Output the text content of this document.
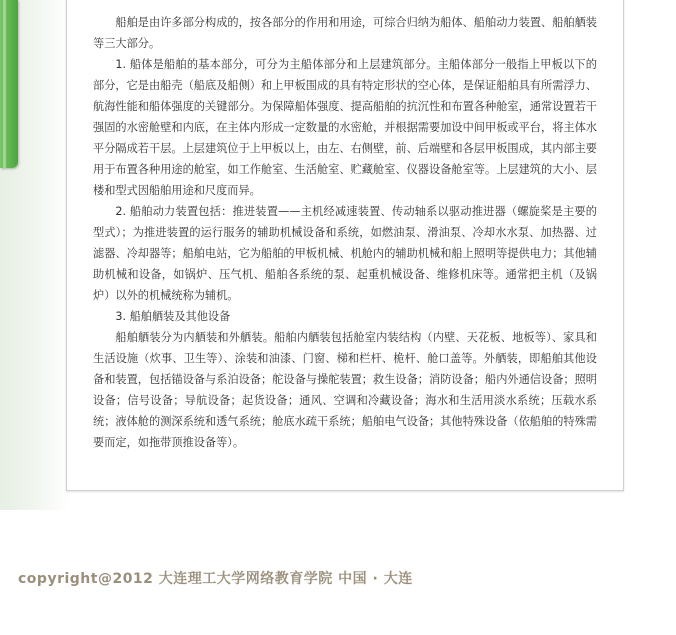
船舶是由许多部分构成的，按各部分的作用和用途，可综合归纳为船体、船舶动力装置、船舶舾装等三大部分。

1. 船体是船舶的基本部分，可分为主船体部分和上层建筑部分。主船体部分一般指上甲板以下的部分，它是由船壳（船底及船侧）和上甲板围成的具有特定形状的空心体，是保证船舶具有所需浮力、航海性能和船体强度的关键部分。为保障船体强度、提高船舶的抗沉性和布置各种舱室，通常设置若干强固的水密舱壁和内底，在主体内形成一定数量的水密舱，并根据需要加设中间甲板或平台，将主体水平分隔成若干层。上层建筑位于上甲板以上，由左、右侧壁，前、后端壁和各层甲板围成，其内部主要用于布置各种用途的舱室，如工作舱室、生活舱室、贮藏舱室、仪器设备舱室等。上层建筑的大小、层楼和型式因船舶用途和尺度而异。

2. 船舶动力装置包括：推进装置——主机经减速装置、传动轴系以驱动推进器（螺旋桨是主要的型式）；为推进装置的运行服务的辅助机械设备和系统，如燃油泵、滑油泵、冷却水水泵、加热器、过滤器、冷却器等；船舶电站，它为船舶的甲板机械、机舱内的辅助机械和船上照明等提供电力；其他辅助机械和设备，如锅炉、压气机、船舶各系统的泵、起重机械设备、维修机床等。通常把主机（及锅炉）以外的机械统称为辅机。

3. 船舶舾装及其他设备

船舶舾装分为内舾装和外舾装。船舶内舾装包括舱室内装结构（内壁、天花板、地板等）、家具和生活设施（炊事、卫生等）、涂装和油漆、门窗、梯和栏杆、桅杆、舱口盖等。外舾装，即船舶其他设备和装置，包括锚设备与系泊设备；舵设备与操舵装置；救生设备；消防设备；船内外通信设备；照明设备；信号设备；导航设备；起货设备；通风、空调和冷藏设备；海水和生活用淡水系统；压载水系统；液体舱的测深系统和透气系统；舱底水疏干系统；船舶电气设备；其他特殊设备（依船舶的特殊需要而定，如拖带顶推设备等）。

copyright@2012 大连理工大学网络教育学院 中国 · 大连
